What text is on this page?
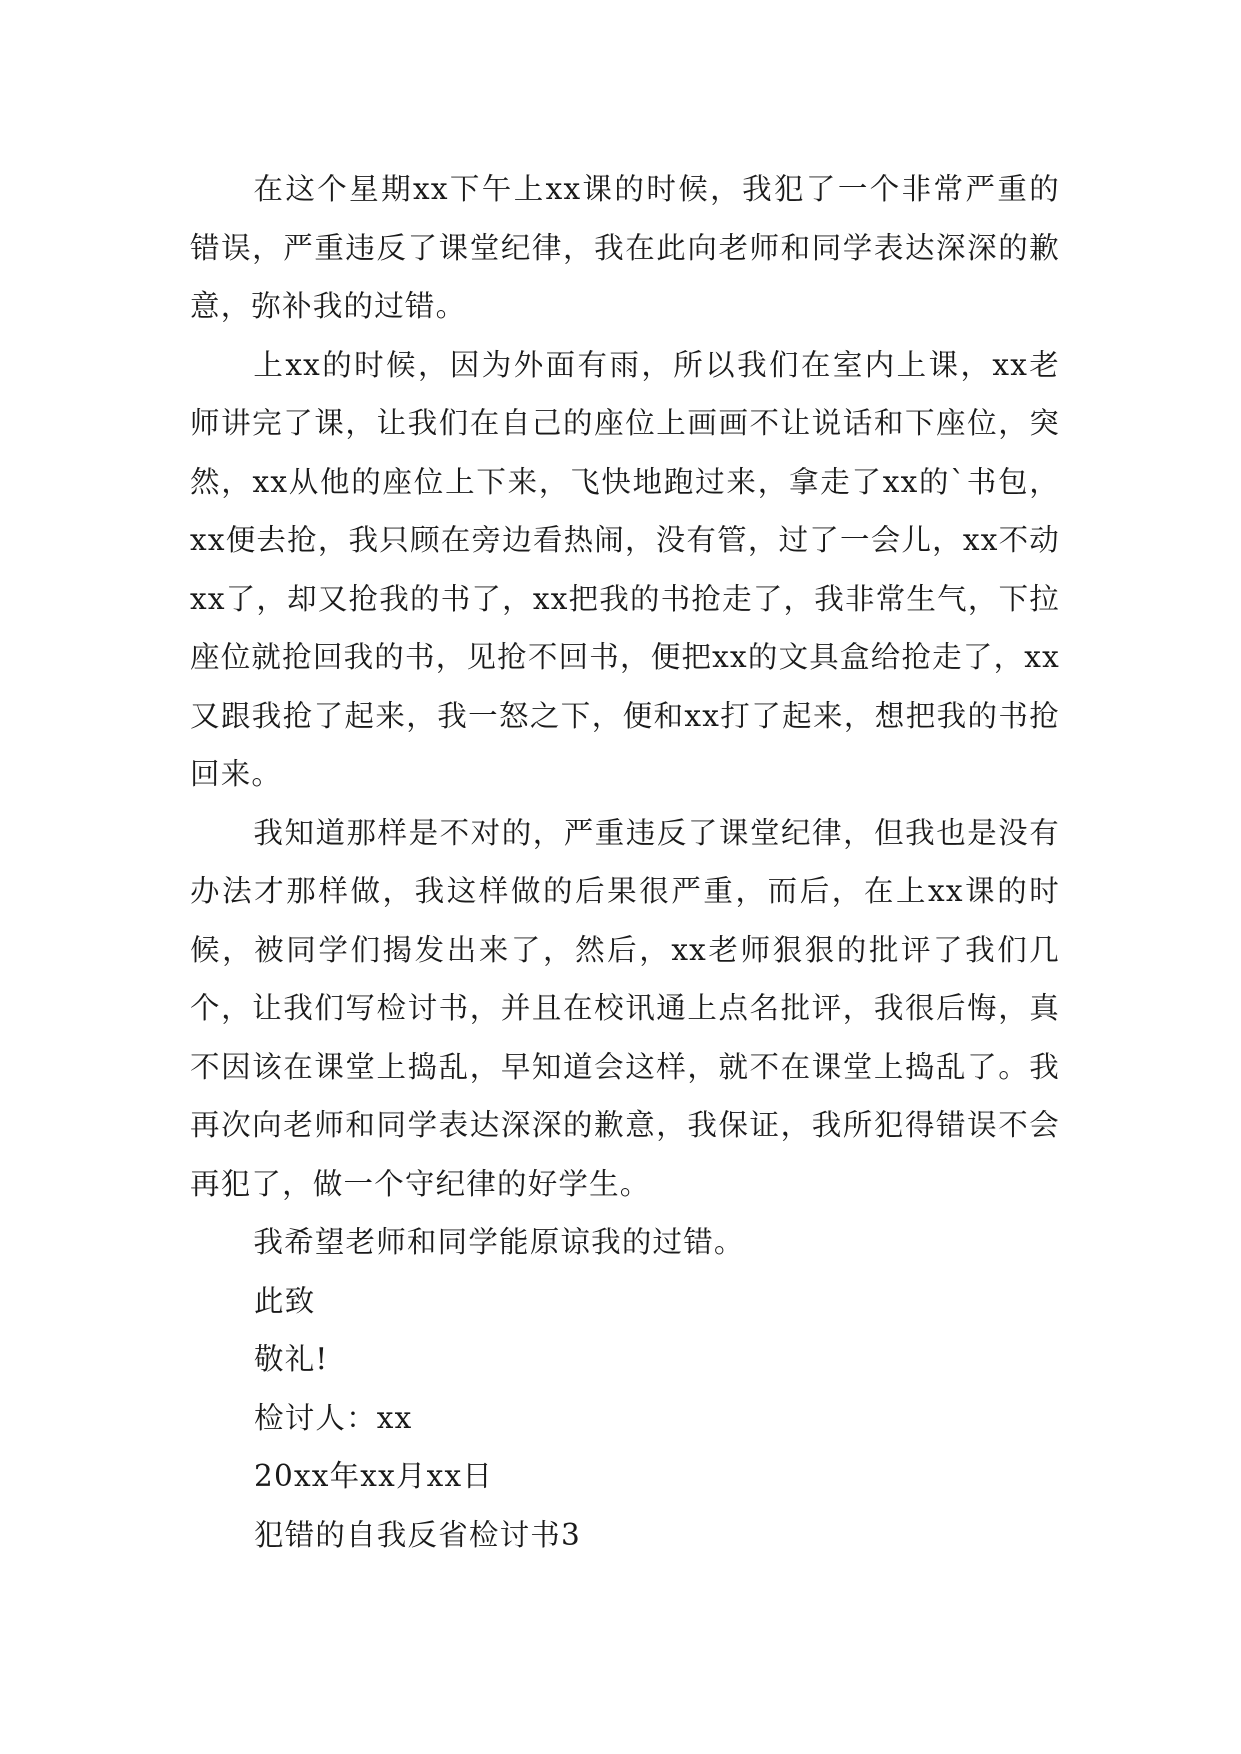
在这个星期xx下午上xx课的时候，我犯了一个非常严重的错误，严重违反了课堂纪律，我在此向老师和同学表达深深的歉意，弥补我的过错。

上xx的时候，因为外面有雨，所以我们在室内上课，xx老师讲完了课，让我们在自己的座位上画画不让说话和下座位，突然，xx从他的座位上下来，飞快地跑过来，拿走了xx的`书包，xx便去抢，我只顾在旁边看热闹，没有管，过了一会儿，xx不动xx了，却又抢我的书了，xx把我的书抢走了，我非常生气，下拉座位就抢回我的书，见抢不回书，便把xx的文具盒给抢走了，xx又跟我抢了起来，我一怒之下，便和xx打了起来，想把我的书抢回来。

我知道那样是不对的，严重违反了课堂纪律，但我也是没有办法才那样做，我这样做的后果很严重，而后，在上xx课的时候，被同学们揭发出来了，然后，xx老师狠狠的批评了我们几个，让我们写检讨书，并且在校讯通上点名批评，我很后悔，真不因该在课堂上捣乱，早知道会这样，就不在课堂上捣乱了。我再次向老师和同学表达深深的歉意，我保证，我所犯得错误不会再犯了，做一个守纪律的好学生。

我希望老师和同学能原谅我的过错。

此致

敬礼!

检讨人：xx

20xx年xx月xx日

犯错的自我反省检讨书3
